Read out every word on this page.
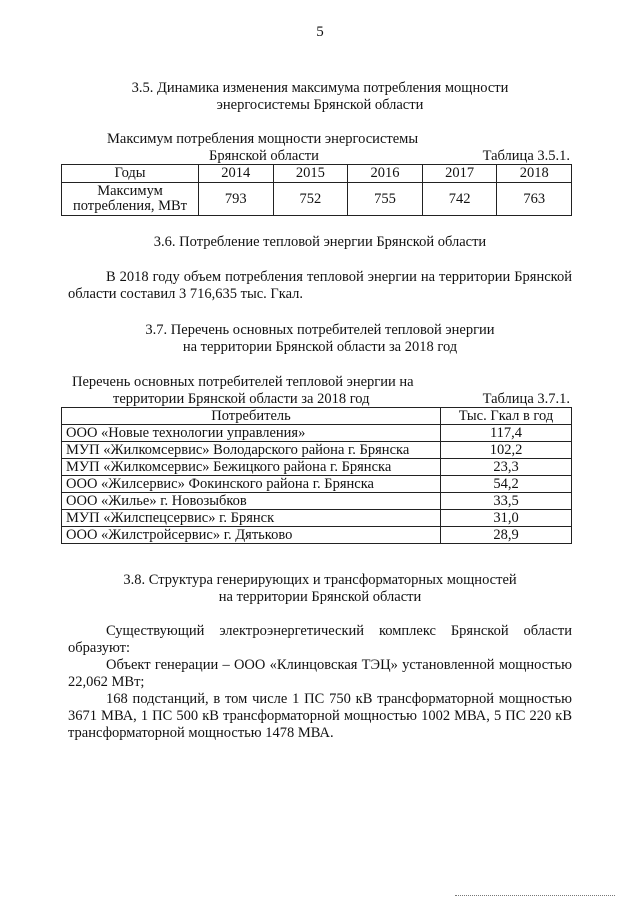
5
3.5. Динамика изменения максимума потребления мощности
энергосистемы Брянской области
Максимум потребления мощности энергосистемы
Брянской области	Таблица 3.5.1.
Годы	2014	2015	2016	2017	2018

Максимум
потребления, МВт	793	752	755	742	763
3.6. Потребление тепловой энергии Брянской области

В 2018 году объем потребления тепловой энергии на территории Брянской области составил 3 716,635 тыс. Гкал.

3.7. Перечень основных потребителей тепловой энергии
на территории Брянской области за 2018 год
Перечень основных потребителей тепловой энергии на
территории Брянской области за 2018 год	Таблица 3.7.1.
Потребитель	Тыс. Гкал в год
ООО «Новые технологии управления»	117,4
МУП «Жилкомсервис» Володарского района г. Брянска	102,2
МУП «Жилкомсервис» Бежицкого района г. Брянска	23,3
ООО «Жилсервис» Фокинского района г. Брянска	54,2
ООО «Жилье» г. Новозыбков	33,5
МУП «Жилспецсервис» г. Брянск	31,0
ООО «Жилстройсервис» г. Дятьково	28,9
3.8. Структура генерирующих и трансформаторных мощностей
на территории Брянской области

Существующий электроэнергетический комплекс Брянской области образуют:

Объект генерации – ООО «Клинцовская ТЭЦ» установленной мощностью 22,062 МВт;

168 подстанций, в том числе 1 ПС 750 кВ трансформаторной мощностью 3671 МВА, 1 ПС 500 кВ трансформаторной мощностью 1002 МВА, 5 ПС 220 кВ трансформаторной мощностью 1478 МВА.
